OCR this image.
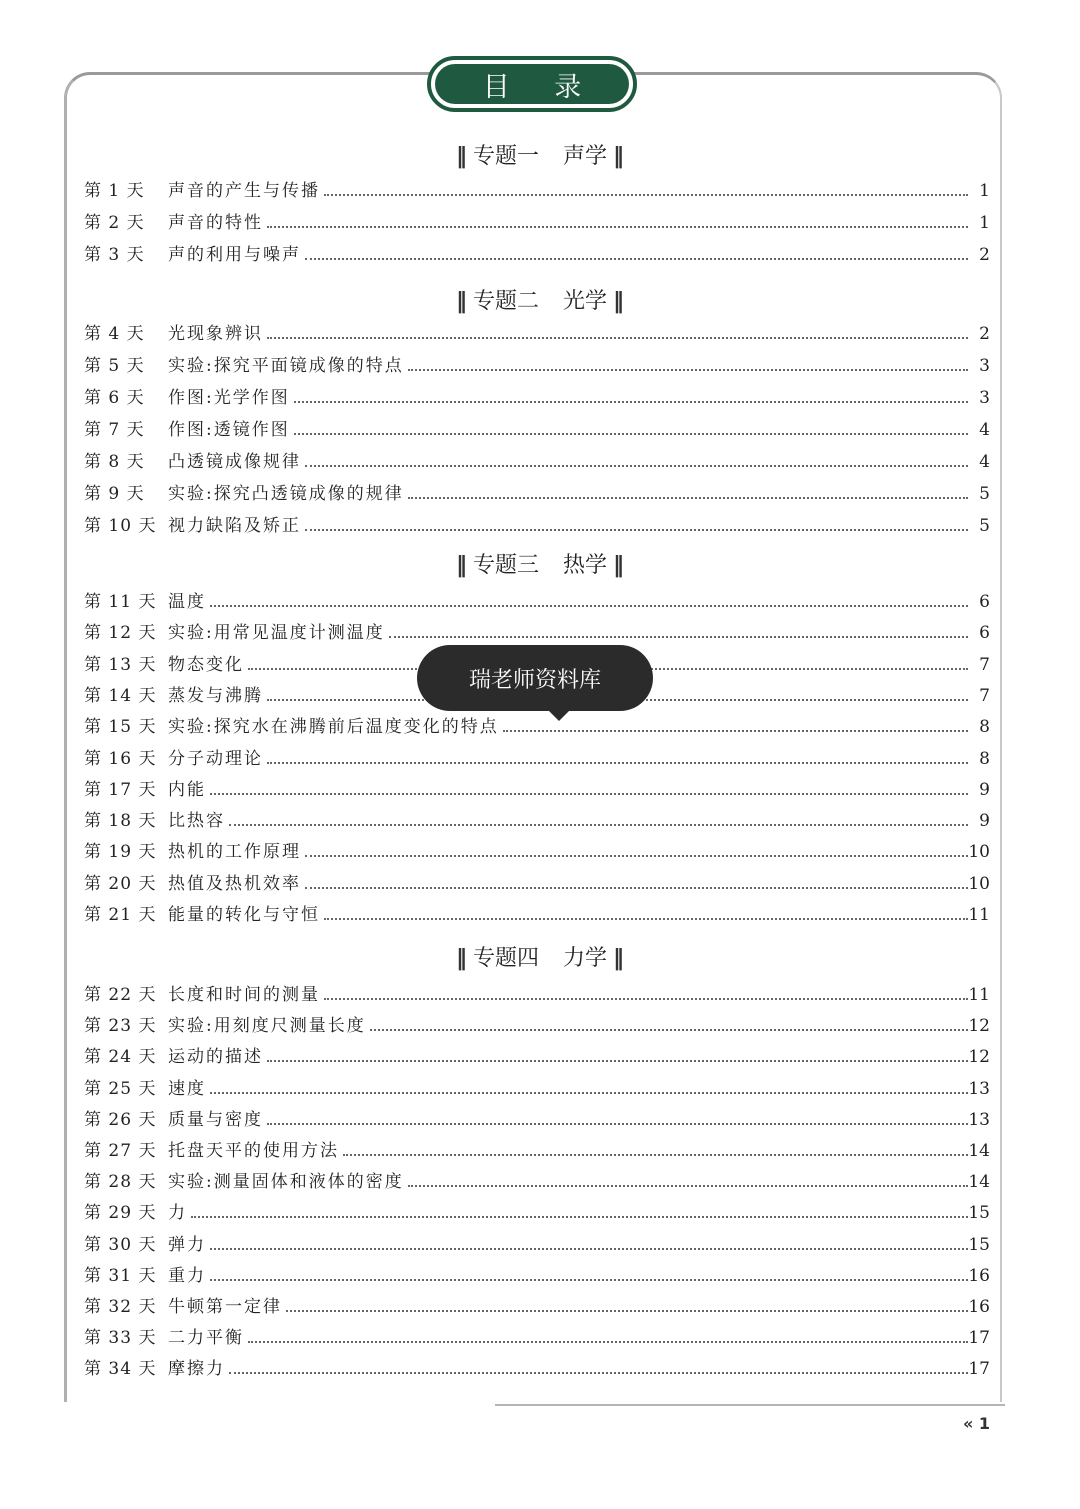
目 录
‖ 专题一 声学 ‖
第 1 天	声音的产生与传播	1
第 2 天	声音的特性	1
第 3 天	声的利用与噪声	2
‖ 专题二 光学 ‖
第 4 天	光现象辨识	2
第 5 天	实验:探究平面镜成像的特点	3
第 6 天	作图:光学作图	3
第 7 天	作图:透镜作图	4
第 8 天	凸透镜成像规律	4
第 9 天	实验:探究凸透镜成像的规律	5
第 10 天 视力缺陷及矫正	5
‖ 专题三 热学 ‖
第 11 天 温度	6
第 12 天 实验:用常见温度计测温度	6
第 13 天 物态变化	7
第 14 天 蒸发与沸腾	7
第 15 天 实验:探究水在沸腾前后温度变化的特点	8
第 16 天 分子动理论	8
第 17 天 内能	9
第 18 天 比热容	9
第 19 天 热机的工作原理	10
第 20 天 热值及热机效率	10
第 21 天 能量的转化与守恒	11
‖ 专题四 力学 ‖
第 22 天 长度和时间的测量	11
第 23 天 实验:用刻度尺测量长度	12
第 24 天 运动的描述	12
第 25 天 速度	13
第 26 天 质量与密度	13
第 27 天 托盘天平的使用方法	14
第 28 天 实验:测量固体和液体的密度	14
第 29 天 力	15
第 30 天 弹力	15
第 31 天 重力	16
第 32 天 牛顿第一定律	16
第 33 天 二力平衡	17
第 34 天 摩擦力	17
瑞老师资料库
« 1
